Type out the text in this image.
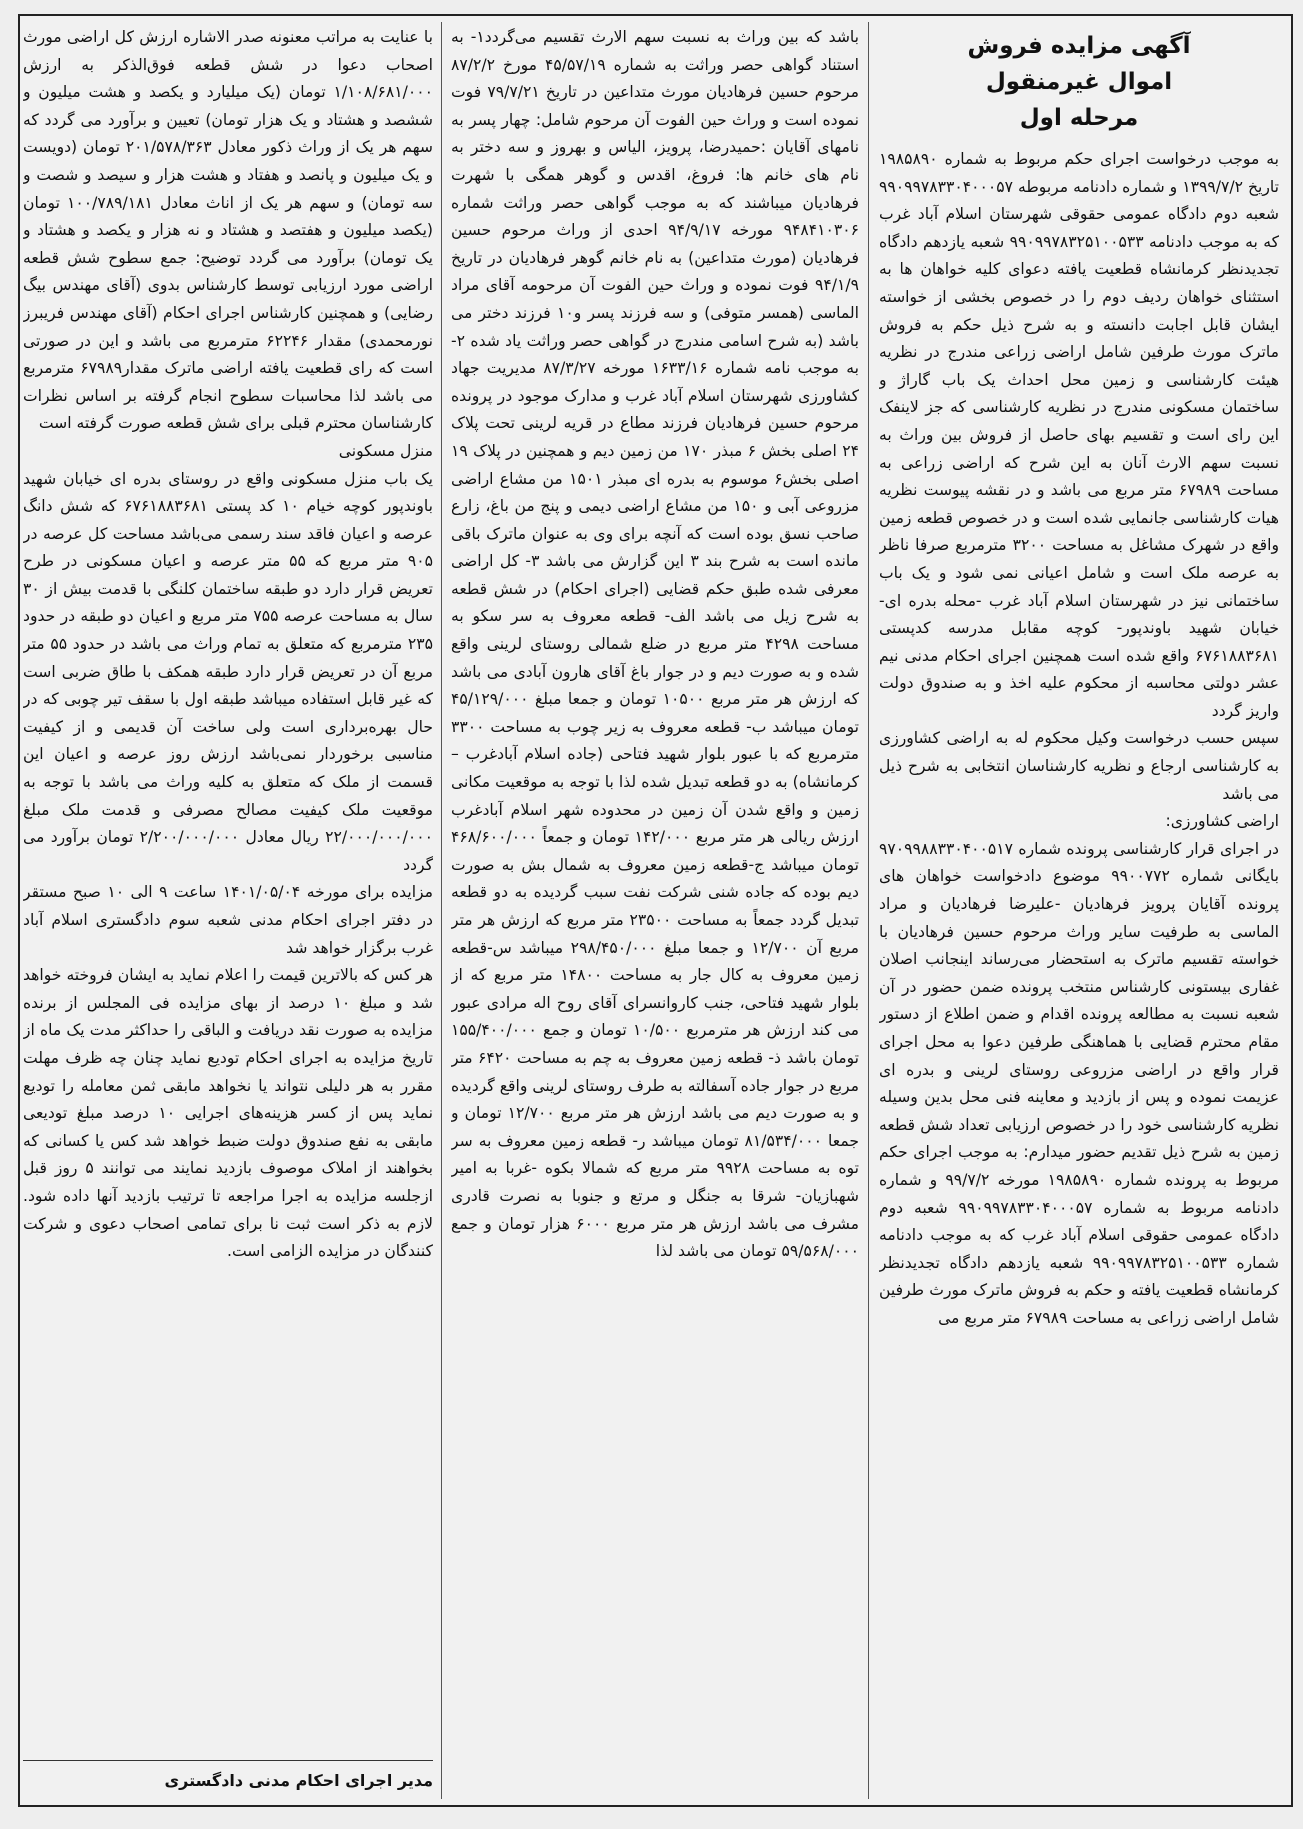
آگهی مزایده فروش
اموال غیرمنقول
مرحله اول

به موجب درخواست اجرای حکم مربوط به شماره ۱۹۸۵۸۹۰ تاریخ ۱۳۹۹/۷/۲ و شماره دادنامه مربوطه ۹۹۰۹۹۷۸۳۳۰۴۰۰۰۵۷ شعبه دوم دادگاه عمومی حقوقی شهرستان اسلام آباد غرب که به موجب دادنامه ۹۹۰۹۹۷۸۳۲۵۱۰۰۵۳۳ شعبه یازدهم دادگاه تجدیدنظر کرمانشاه قطعیت یافته دعوای کلیه خواهان ها به استثنای خواهان ردیف دوم را در خصوص بخشی از خواسته ایشان قابل اجابت دانسته و به شرح ذیل حکم به فروش ماترک مورث طرفین شامل اراضی زراعی مندرج در نظریه هیئت کارشناسی و زمین محل احداث یک باب گاراژ و ساختمان مسکونی مندرج در نظریه کارشناسی که جز لاینفک این رای است و تقسیم بهای حاصل از فروش بین وراث به نسبت سهم الارث آنان به این شرح که اراضی زراعی به مساحت ۶۷۹۸۹ متر مربع می باشد و در نقشه پیوست نظریه هیات کارشناسی جانمایی شده است و در خصوص قطعه زمین واقع در شهرک مشاغل به مساحت ۳۲۰۰ مترمربع صرفا ناظر به عرصه ملک است و شامل اعیانی نمی شود و یک باب ساختمانی نیز در شهرستان اسلام آباد غرب -محله بدره ای- خیابان شهید باوندپور- کوچه مقابل مدرسه کدپستی ۶۷۶۱۸۸۳۶۸۱ واقع شده است همچنین اجرای احکام مدنی نیم عشر دولتی محاسبه از محکوم علیه اخذ و به صندوق دولت واریز گردد

سپس حسب درخواست وکیل محکوم له به اراضی کشاورزی به کارشناسی ارجاع و نظریه کارشناسان انتخابی به شرح ذیل می باشد

اراضی کشاورزی:

در اجرای قرار کارشناسی پرونده شماره ۹۷۰۹۹۸۸۳۳۰۴۰۰۵۱۷ بایگانی شماره ۹۹۰۰۷۷۲ موضوع دادخواست خواهان های پرونده آقایان پرویز فرهادیان -علیرضا فرهادیان و مراد الماسی به طرفیت سایر وراث مرحوم حسین فرهادیان با خواسته تقسیم ماترک به استحضار می‌رساند اینجانب اصلان غفاری بیستونی کارشناس منتخب پرونده ضمن حضور در آن شعبه نسبت به مطالعه پرونده اقدام و ضمن اطلاع از دستور مقام محترم قضایی با هماهنگی طرفین دعوا به محل اجرای قرار واقع در اراضی مزروعی روستای لرینی و بدره ای عزیمت نموده و پس از بازدید و معاینه فنی محل بدین وسیله نظریه کارشناسی خود را در خصوص ارزیابی تعداد شش قطعه زمین به شرح ذیل تقدیم حضور میدارم: به موجب اجرای حکم مربوط به پرونده شماره ۱۹۸۵۸۹۰ مورخه ۹۹/۷/۲ و شماره دادنامه مربوط به شماره ۹۹۰۹۹۷۸۳۳۰۴۰۰۰۵۷ شعبه دوم دادگاه عمومی حقوقی اسلام آباد غرب که به موجب دادنامه شماره ۹۹۰۹۹۷۸۳۲۵۱۰۰۵۳۳ شعبه یازدهم دادگاه تجدیدنظر کرمانشاه قطعیت یافته و حکم به فروش ماترک مورث طرفین شامل اراضی زراعی به مساحت ۶۷۹۸۹ متر مربع می

باشد که بین وراث به نسبت سهم الارث تقسیم می‌گردد۱- به استناد گواهی حصر وراثت به شماره ۴۵/۵۷/۱۹ مورخ ۸۷/۲/۲ مرحوم حسین فرهادیان مورث متداعین در تاریخ ۷۹/۷/۲۱ فوت نموده است و وراث حین الفوت آن مرحوم شامل: چهار پسر به نامهای آقایان :حمیدرضا، پرویز، الیاس و بهروز و سه دختر به نام های خانم ها: فروغ، اقدس و گوهر همگی با شهرت فرهادیان میباشند که به موجب گواهی حصر وراثت شماره ۹۴۸۴۱۰۳۰۶ مورخه ۹۴/۹/۱۷ احدی از وراث مرحوم حسین فرهادیان (مورث متداعین) به نام خانم گوهر فرهادیان در تاریخ ۹۴/۱/۹ فوت نموده و وراث حین الفوت آن مرحومه آقای مراد الماسی (همسر متوفی) و سه فرزند پسر و۱۰ فرزند دختر می باشد (به شرح اسامی مندرج در گواهی حصر وراثت یاد شده ۲- به موجب نامه شماره ۱۶۳۳/۱۶ مورخه ۸۷/۳/۲۷ مدیریت جهاد کشاورزی شهرستان اسلام آباد غرب و مدارک موجود در پرونده مرحوم حسین فرهادیان فرزند مطاع در قریه لرینی تحت پلاک ۲۴ اصلی بخش ۶ مبذر ۱۷۰ من زمین دیم و همچنین در پلاک ۱۹ اصلی بخش۶ موسوم به بدره ای مبذر ۱۵۰۱ من مشاع اراضی مزروعی آبی و ۱۵۰ من مشاع اراضی دیمی و پنج من باغ، زارع صاحب نسق بوده است که آنچه برای وی به عنوان ماترک باقی مانده است به شرح بند ۳ این گزارش می باشد ۳- کل اراضی معرفی شده طبق حکم قضایی (اجرای احکام) در شش قطعه به شرح زیل می باشد الف- قطعه معروف به سر سکو به مساحت ۴۲۹۸ متر مربع در ضلع شمالی روستای لرینی واقع شده و به صورت دیم و در جوار باغ آقای هارون آبادی می باشد که ارزش هر متر مربع ۱۰۵۰۰ تومان و جمعا مبلغ ۴۵/۱۲۹/۰۰۰ تومان میباشد ب- قطعه معروف به زیر چوب به مساحت ۳۳۰۰ مترمربع که با عبور بلوار شهید فتاحی (جاده اسلام آبادغرب – کرمانشاه) به دو قطعه تبدیل شده لذا با توجه به موقعیت مکانی زمین و واقع شدن آن زمین در محدوده شهر اسلام آبادغرب ارزش ریالی هر متر مربع ۱۴۲/۰۰۰ تومان و جمعاً ۴۶۸/۶۰۰/۰۰۰ تومان میباشد ج-قطعه زمین معروف به شمال بش به صورت دیم بوده که جاده شنی شرکت نفت سبب گردیده به دو قطعه تبدیل گردد جمعاً به مساحت ۲۳۵۰۰ متر مربع که ارزش هر متر مربع آن ۱۲/۷۰۰ و جمعا مبلغ ۲۹۸/۴۵۰/۰۰۰ میباشد س-قطعه زمین معروف به کال جار به مساحت ۱۴۸۰۰ متر مربع که از بلوار شهید فتاحی، جنب کاروانسرای آقای روح اله مرادی عبور می کند ارزش هر مترمربع ۱۰/۵۰۰ تومان و جمع ۱۵۵/۴۰۰/۰۰۰ تومان باشد ذ- قطعه زمین معروف به چم به مساحت ۶۴۲۰ متر مربع در جوار جاده آسفالته به طرف روستای لرینی واقع گردیده و به صورت دیم می باشد ارزش هر متر مربع ۱۲/۷۰۰ تومان و جمعا ۸۱/۵۳۴/۰۰۰ تومان میباشد ر- قطعه زمین معروف به سر توه به مساحت ۹۹۲۸ متر مربع که شمالا بکوه -غربا به امیر شهبازیان- شرقا به جنگل و مرتع و جنوبا به نصرت قادری مشرف می باشد ارزش هر متر مربع ۶۰۰۰ هزار تومان و جمع ۵۹/۵۶۸/۰۰۰ تومان می باشد لذا

با عنایت به مراتب معنونه صدر الاشاره ارزش کل اراضی مورث اصحاب دعوا در شش قطعه فوق‌الذکر به ارزش ۱/۱۰۸/۶۸۱/۰۰۰ تومان (یک میلیارد و یکصد و هشت میلیون و ششصد و هشتاد و یک هزار تومان) تعیین و برآورد می گردد که سهم هر یک از وراث ذکور معادل ۲۰۱/۵۷۸/۳۶۳ تومان (دویست و یک میلیون و پانصد و هفتاد و هشت هزار و سیصد و شصت و سه تومان) و سهم هر یک از اناث معادل ۱۰۰/۷۸۹/۱۸۱ تومان (یکصد میلیون و هفتصد و هشتاد و نه هزار و یکصد و هشتاد و یک تومان) برآورد می گردد توضیح: جمع سطوح شش قطعه اراضی مورد ارزیابی توسط کارشناس بدوی (آقای مهندس بیگ رضایی) و همچنین کارشناس اجرای احکام (آقای مهندس فریبرز نورمحمدی) مقدار ۶۲۲۴۶ مترمربع می باشد و این در صورتی است که رای قطعیت یافته اراضی ماترک مقدار۶۷۹۸۹ مترمربع می باشد لذا محاسبات سطوح انجام گرفته بر اساس نظرات کارشناسان محترم قبلی برای شش قطعه صورت گرفته است

منزل مسکونی

یک باب منزل مسکونی واقع در روستای بدره ای خیابان شهید باوندپور کوچه خیام ۱۰ کد پستی ۶۷۶۱۸۸۳۶۸۱ که شش دانگ عرصه و اعیان فاقد سند رسمی می‌باشد مساحت کل عرصه در ۹۰۵ متر مربع که ۵۵ متر عرصه و اعیان مسکونی در طرح تعریض قرار دارد دو طبقه ساختمان کلنگی با قدمت بیش از ۳۰ سال به مساحت عرصه ۷۵۵ متر مربع و اعیان دو طبقه در حدود ۲۳۵ مترمربع که متعلق به تمام وراث می باشد در حدود ۵۵ متر مربع آن در تعریض قرار دارد طبقه همکف با طاق ضربی است که غیر قابل استفاده میباشد طبقه اول با سقف تیر چوبی که در حال بهره‌برداری است ولی ساخت آن قدیمی و از کیفیت مناسبی برخوردار نمی‌باشد ارزش روز عرصه و اعیان این قسمت از ملک که متعلق به کلیه وراث می باشد با توجه به موقعیت ملک کیفیت مصالح مصرفی و قدمت ملک مبلغ ۲۲/۰۰۰/۰۰۰/۰۰۰ ریال معادل ۲/۲۰۰/۰۰۰/۰۰۰ تومان برآورد می گردد

مزایده برای مورخه ۱۴۰۱/۰۵/۰۴ ساعت ۹ الی ۱۰ صبح مستقر در دفتر اجرای احکام مدنی شعبه سوم دادگستری اسلام آباد غرب برگزار خواهد شد

هر کس که بالاترین قیمت را اعلام نماید به ایشان فروخته خواهد شد و مبلغ ۱۰ درصد از بهای مزایده فی المجلس از برنده مزایده به صورت نقد دریافت و الباقی را حداکثر مدت یک ماه از تاریخ مزایده به اجرای احکام تودیع نماید چنان چه ظرف مهلت مقرر به هر دلیلی نتواند یا نخواهد مابقی ثمن معامله را تودیع نماید پس از کسر هزینه‌های اجرایی ۱۰ درصد مبلغ تودیعی مابقی به نفع صندوق دولت ضبط خواهد شد کس یا کسانی که بخواهند از املاک موصوف بازدید نمایند می توانند ۵ روز قبل ازجلسه مزایده به اجرا مراجعه تا ترتیب بازدید آنها داده شود. لازم به ذکر است ثبت نا برای تمامی اصحاب دعوی و شرکت کنندگان در مزایده الزامی است.

مدیر اجرای احکام مدنی دادگستری
